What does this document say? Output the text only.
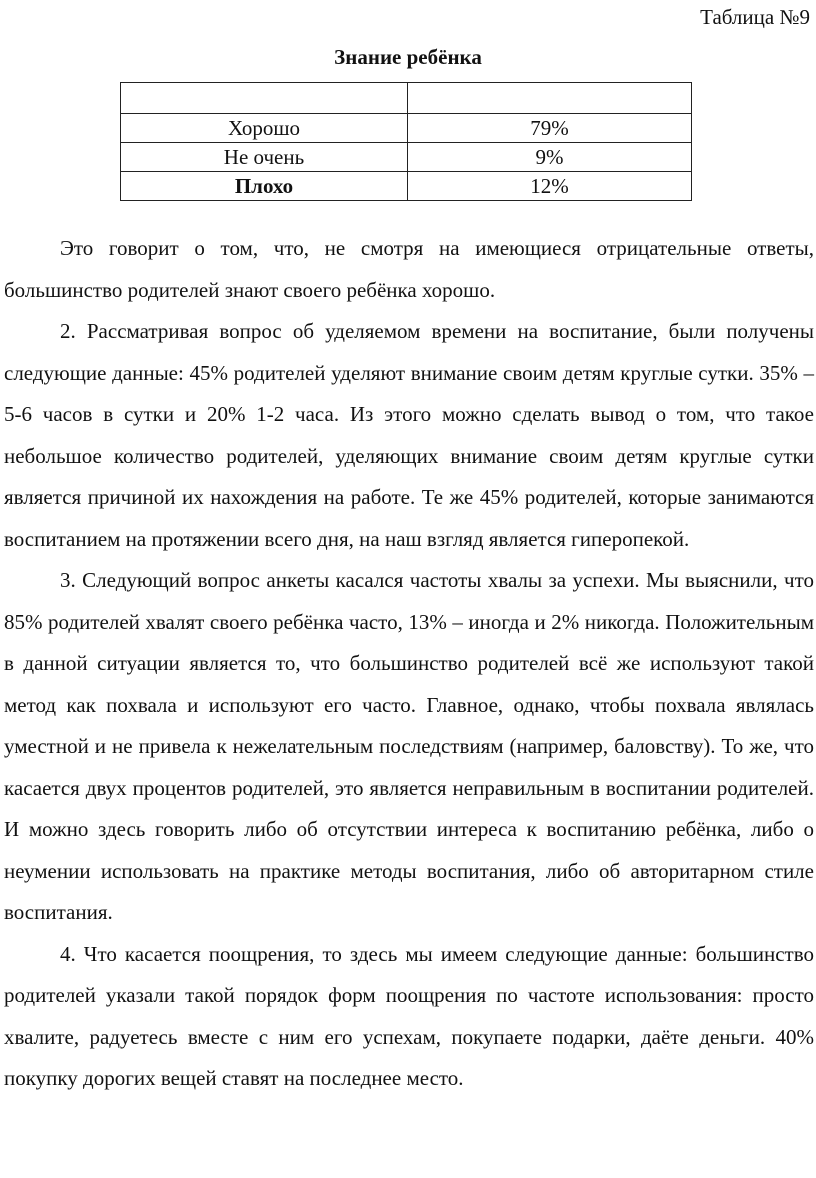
Таблица №9
Знание ребёнка

Хорошо	79%
Не очень	9%
Плохо	12%

Это говорит о том, что, не смотря на имеющиеся отрицательные ответы, большинство родителей знают своего ребёнка хорошо.

2. Рассматривая вопрос об уделяемом времени на воспитание, были получены следующие данные: 45% родителей уделяют внимание своим детям круглые сутки. 35% – 5-6 часов в сутки и 20% 1-2 часа. Из этого можно сделать вывод о том, что такое небольшое количество родителей, уделяющих внимание своим детям круглые сутки является причиной их нахождения на работе. Те же 45% родителей, которые занимаются воспитанием на протяжении всего дня, на наш взгляд является гиперопекой.

3. Следующий вопрос анкеты касался частоты хвалы за успехи. Мы выяснили, что 85% родителей хвалят своего ребёнка часто, 13% – иногда и 2% никогда. Положительным в данной ситуации является то, что большинство родителей всё же используют такой метод как похвала и используют его часто. Главное, однако, чтобы похвала являлась уместной и не привела к нежелательным последствиям (например, баловству). То же, что касается двух процентов родителей, это является неправильным в воспитании родителей. И можно здесь говорить либо об отсутствии интереса к воспитанию ребёнка, либо о неумении использовать на практике методы воспитания, либо об авторитарном стиле воспитания.

4. Что касается поощрения, то здесь мы имеем следующие данные: большинство родителей указали такой порядок форм поощрения по частоте использования: просто хвалите, радуетесь вместе с ним его успехам, покупаете подарки, даёте деньги. 40% покупку дорогих вещей ставят на последнее место.
